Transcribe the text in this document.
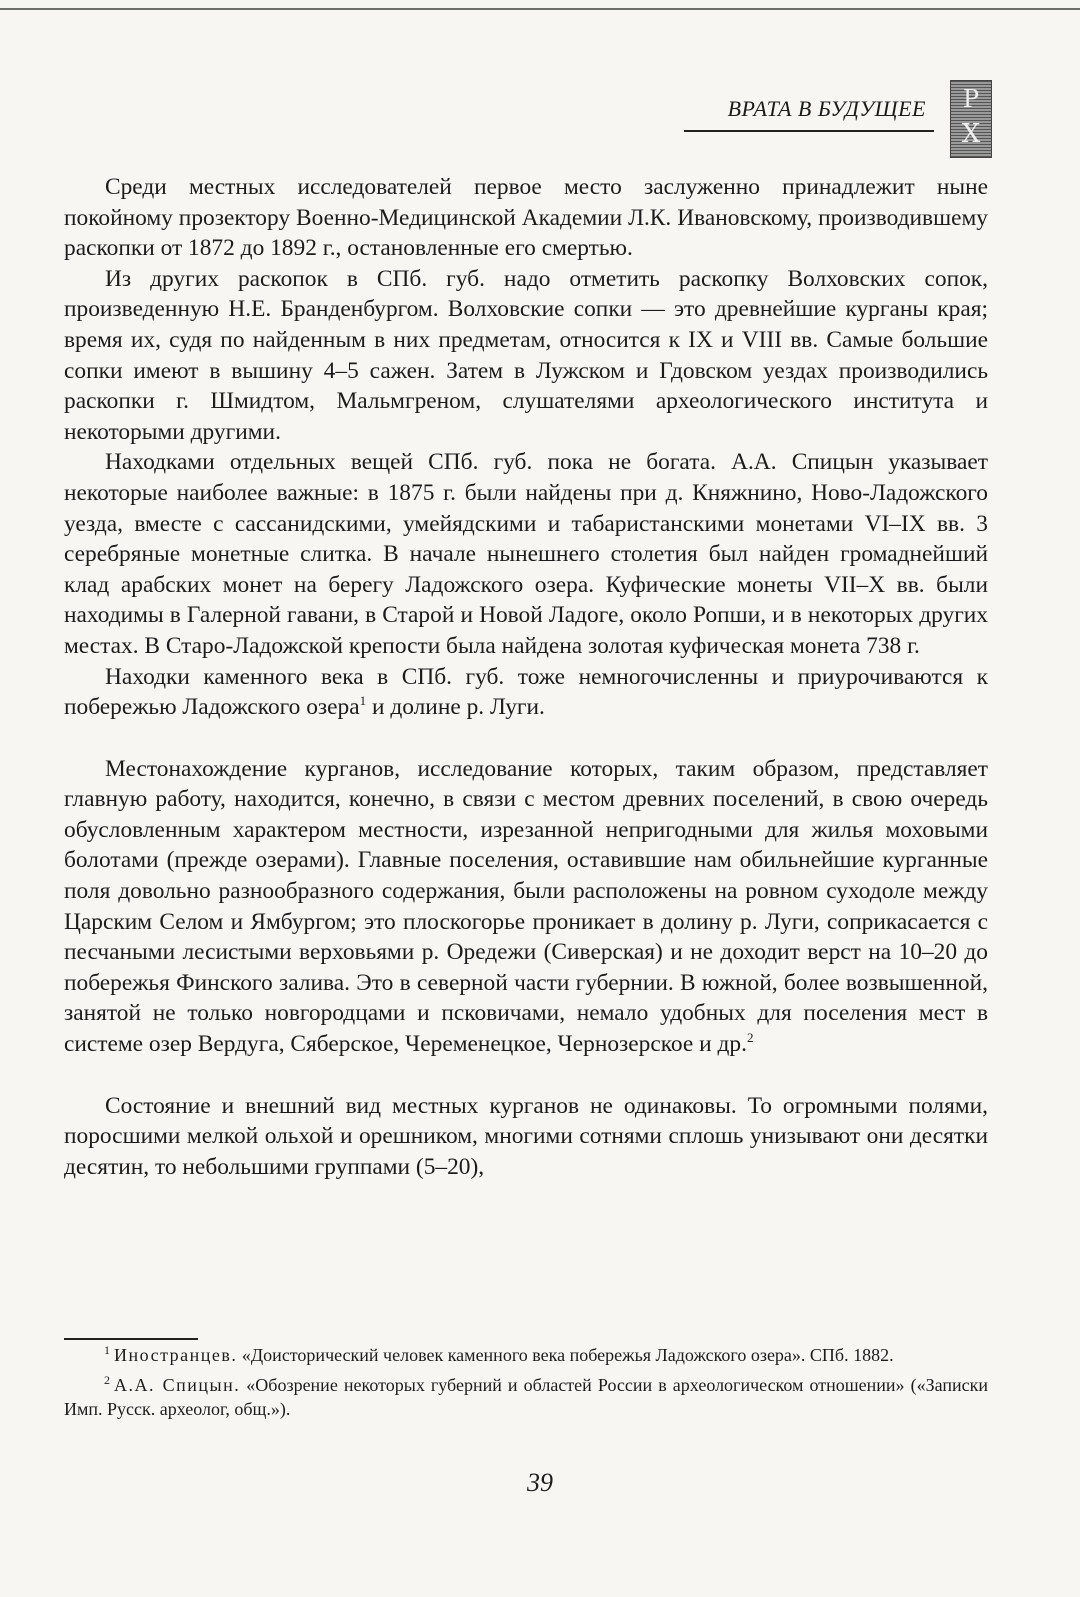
ВРАТА В БУДУЩЕЕ	Р
Х

Среди местных исследователей первое место заслуженно принадлежит ныне покойному прозектору Военно-Медицинской Академии Л.К. Ивановскому, производившему раскопки от 1872 до 1892 г., остановленные его смертью.

Из других раскопок в СПб. губ. надо отметить раскопку Волховских сопок, произведенную Н.Е. Бранденбургом. Волховские сопки — это древнейшие курганы края; время их, судя по найденным в них предметам, относится к IX и VIII вв. Самые большие сопки имеют в вышину 4–5 сажен. Затем в Лужском и Гдовском уездах производились раскопки г. Шмидтом, Мальмгреном, слушателями археологического института и некоторыми другими.

Находками отдельных вещей СПб. губ. пока не богата. А.А. Спицын указывает некоторые наиболее важные: в 1875 г. были найдены при д. Княжнино, Ново-Ладожского уезда, вместе с сассанидскими, умейядскими и табаристанскими монетами VI–IX вв. 3 серебряные монетные слитка. В начале нынешнего столетия был найден громаднейший клад арабских монет на берегу Ладожского озера. Куфические монеты VII–X вв. были находимы в Галерной гавани, в Старой и Новой Ладоге, около Ропши, и в некоторых других местах. В Старо-Ладожской крепости была найдена золотая куфическая монета 738 г.

Находки каменного века в СПб. губ. тоже немногочисленны и приурочиваются к побережью Ладожского озера$^1$ и долине р. Луги.

Местонахождение курганов, исследование которых, таким образом, представляет главную работу, находится, конечно, в связи с местом древних поселений, в свою очередь обусловленным характером местности, изрезанной непригодными для жилья моховыми болотами (прежде озерами). Главные поселения, оставившие нам обильнейшие курганные поля довольно разнообразного содержания, были расположены на ровном суходоле между Царским Селом и Ямбургом; это плоскогорье проникает в долину р. Луги, соприкасается с песчаными лесистыми верховьями р. Оредежи (Сиверская) и не доходит верст на 10–20 до побережья Финского залива. Это в северной части губернии. В южной, более возвышенной, занятой не только новгородцами и псковичами, немало удобных для поселения мест в системе озер Вердуга, Сяберское, Череменецкое, Чернозерское и др.$^2$

Состояние и внешний вид местных курганов не одинаковы. То огромными полями, поросшими мелкой ольхой и орешником, многими сотнями сплошь унизывают они десятки десятин, то небольшими группами (5–20),

$^1$ Иностранцев. «Доисторический человек каменного века побережья Ладожского озера». СПб. 1882.

$^2$ А.А. Спицын. «Обозрение некоторых губерний и областей России в археологическом отношении» («Записки Имп. Русск. археолог, общ.»).

39
